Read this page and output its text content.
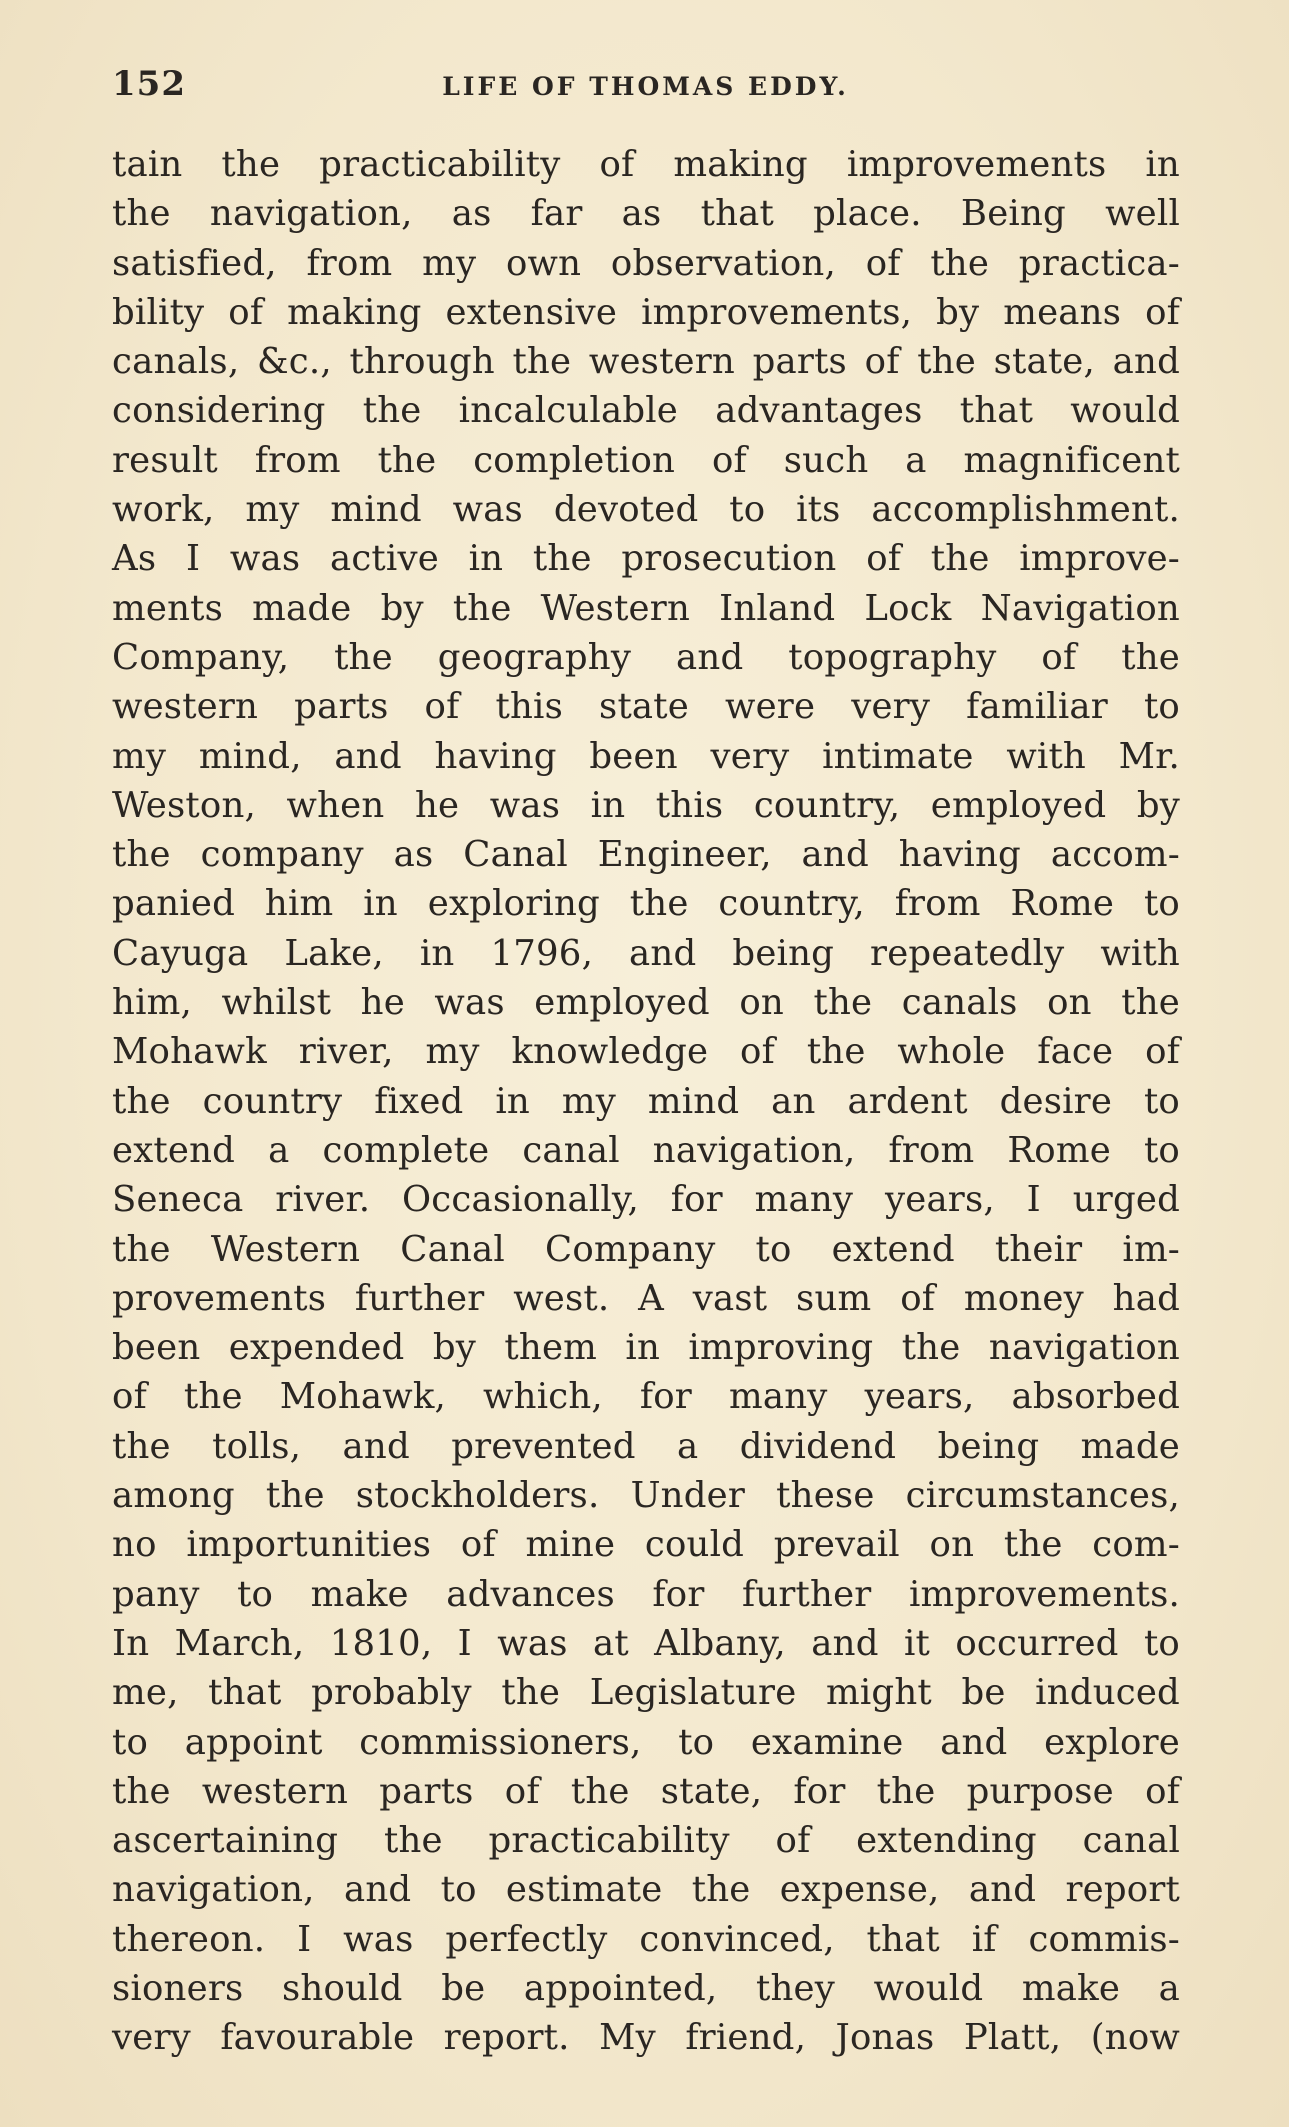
152	LIFE OF THOMAS EDDY.
tain the practicability of making improvements in
the navigation, as far as that place. Being well
satisfied, from my own observation, of the practica-
bility of making extensive improvements, by means of
canals, &c., through the western parts of the state, and
considering the incalculable advantages that would
result from the completion of such a magnificent
work, my mind was devoted to its accomplishment.
As I was active in the prosecution of the improve-
ments made by the Western Inland Lock Navigation
Company, the geography and topography of the
western parts of this state were very familiar to
my mind, and having been very intimate with Mr.
Weston, when he was in this country, employed by
the company as Canal Engineer, and having accom-
panied him in exploring the country, from Rome to
Cayuga Lake, in 1796, and being repeatedly with
him, whilst he was employed on the canals on the
Mohawk river, my knowledge of the whole face of
the country fixed in my mind an ardent desire to
extend a complete canal navigation, from Rome to
Seneca river. Occasionally, for many years, I urged
the Western Canal Company to extend their im-
provements further west. A vast sum of money had
been expended by them in improving the navigation
of the Mohawk, which, for many years, absorbed
the tolls, and prevented a dividend being made
among the stockholders. Under these circumstances,
no importunities of mine could prevail on the com-
pany to make advances for further improvements.
In March, 1810, I was at Albany, and it occurred to
me, that probably the Legislature might be induced
to appoint commissioners, to examine and explore
the western parts of the state, for the purpose of
ascertaining the practicability of extending canal
navigation, and to estimate the expense, and report
thereon. I was perfectly convinced, that if commis-
sioners should be appointed, they would make a
very favourable report. My friend, Jonas Platt, (now
